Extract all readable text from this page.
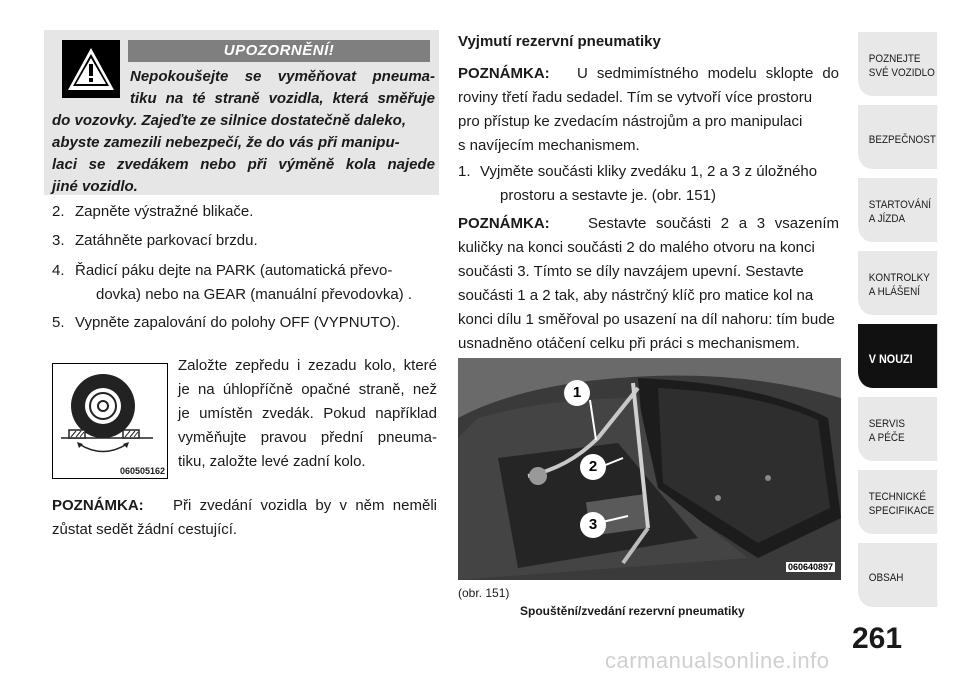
UPOZORNĚNÍ!
Nepokoušejte se vyměňovat pneuma-
tiku na té straně vozidla, která směřuje
do vozovky. Zajeďte ze silnice dostatečně daleko,
abyste zamezili nebezpečí, že do vás při manipu-
laci se zvedákem nebo při výměně kola najede
jiné vozidlo.
2. Zapněte výstražné blikače.
3. Zatáhněte parkovací brzdu.
4. Řadicí páku dejte na PARK (automatická převo-
dovka) nebo na GEAR (manuální převodovka) .
5. Vypněte zapalování do polohy OFF (VYPNUTO).
060505162
Založte zepředu i zezadu kolo, které
je na úhlopříčně opačné straně, než
je umístěn zvedák. Pokud například
vyměňujte pravou přední pneuma-
tiku, založte levé zadní kolo.
POZNÁMKA: Při zvedání vozidla by v něm neměli
zůstat sedět žádní cestující.
Vyjmutí rezervní pneumatiky
POZNÁMKA: U sedmimístného modelu sklopte do
roviny třetí řadu sedadel. Tím se vytvoří více prostoru
pro přístup ke zvedacím nástrojům a pro manipulaci
s navíjecím mechanismem.
1. Vyjměte součásti kliky zvedáku 1, 2 a 3 z úložného
prostoru a sestavte je. (obr. 151)
POZNÁMKA:	Sestavte součásti 2 a 3 vsazením
kuličky na konci součásti 2 do malého otvoru na konci
součásti 3. Tímto se díly navzájem upevní. Sestavte
součásti 1 a 2 tak, aby nástrčný klíč pro matice kol na
konci dílu 1 směřoval po usazení na díl nahoru: tím bude
usnadněno otáčení celku při práci s mechanismem.
1
2
3
060640897
(obr. 151)
Spouštění/zvedání rezervní pneumatiky
POZNEJTE
SVÉ VOZIDLO
BEZPEČNOST
STARTOVÁNÍ
A JÍZDA
KONTROLKY
A HLÁŠENÍ
V NOUZI
SERVIS
A PÉČE
TECHNICKÉ
SPECIFIKACE
OBSAH
261
carmanualsonline.info
